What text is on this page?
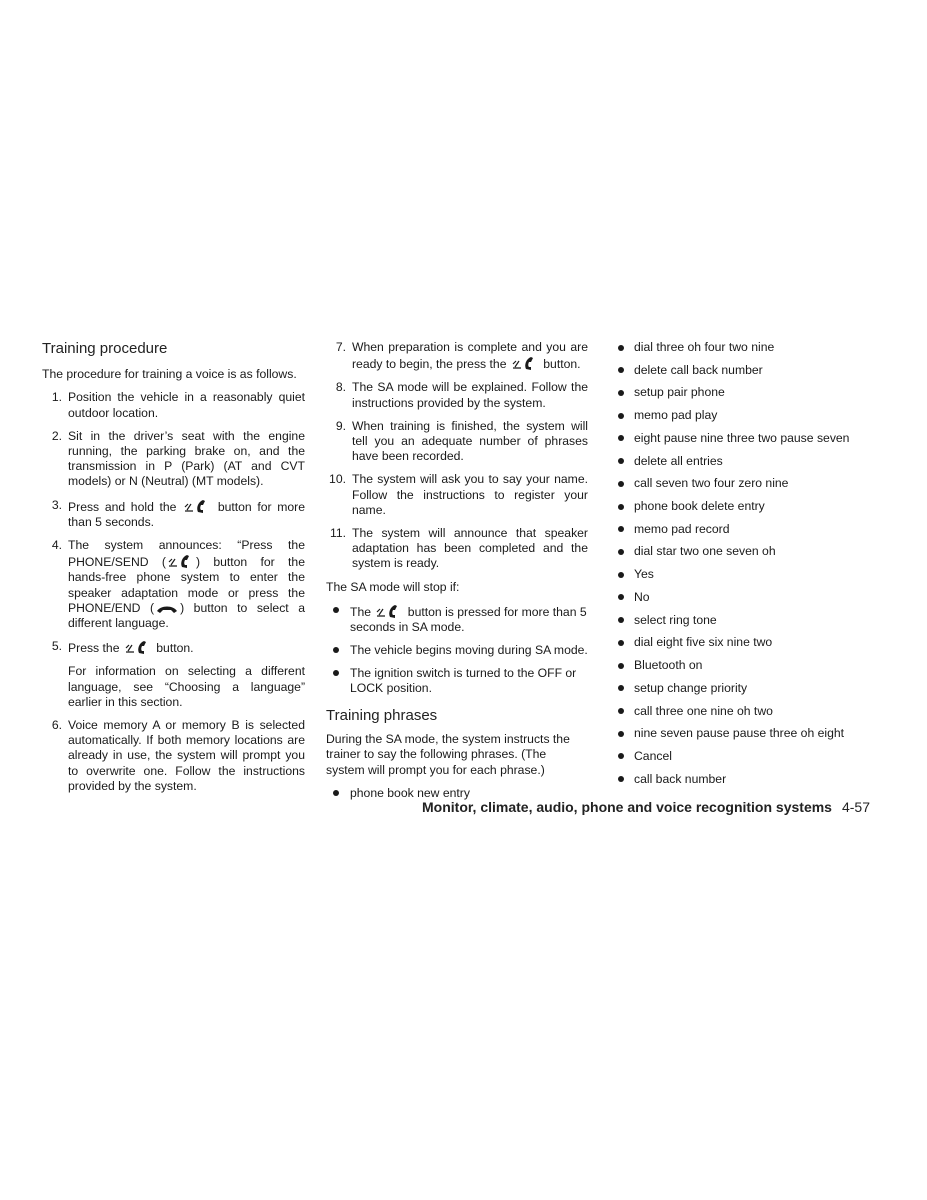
Training procedure

The procedure for training a voice is as follows.

1. Position the vehicle in a reasonably quiet outdoor location.
2. Sit in the driver’s seat with the engine running, the parking brake on, and the transmission in P (Park) (AT and CVT models) or N (Neutral) (MT models).
3. Press and hold the	button for more than 5 seconds.
4. The system announces: “Press the PHONE/SEND ( ) button for the hands-free phone system to enter the speaker adaptation mode or press the PHONE/END ( ) button to select a different language.
5. Press the	button.
For information on selecting a different language, see “Choosing a language” earlier in this section.
6. Voice memory A or memory B is selected automatically. If both memory locations are already in use, the system will prompt you to overwrite one. Follow the instructions provided by the system.
7. When preparation is complete and you are ready to begin, the press the	button.
8. The SA mode will be explained. Follow the instructions provided by the system.
9. When training is finished, the system will tell you an adequate number of phrases have been recorded.
10. The system will ask you to say your name. Follow the instructions to register your name.
11. The system will announce that speaker adaptation has been completed and the system is ready.

The SA mode will stop if:

The	button is pressed for more than 5 seconds in SA mode.
The vehicle begins moving during SA mode.
The ignition switch is turned to the OFF or LOCK position.
Training phrases

During the SA mode, the system instructs the trainer to say the following phrases. (The system will prompt you for each phrase.)

phone book new entry
dial three oh four two nine
delete call back number
setup pair phone
memo pad play
eight pause nine three two pause seven
delete all entries
call seven two four zero nine
phone book delete entry
memo pad record
dial star two one seven oh
Yes
No
select ring tone
dial eight five six nine two
Bluetooth on
setup change priority
call three one nine oh two
nine seven pause pause three oh eight
Cancel
call back number
Monitor, climate, audio, phone and voice recognition systems 4-57
